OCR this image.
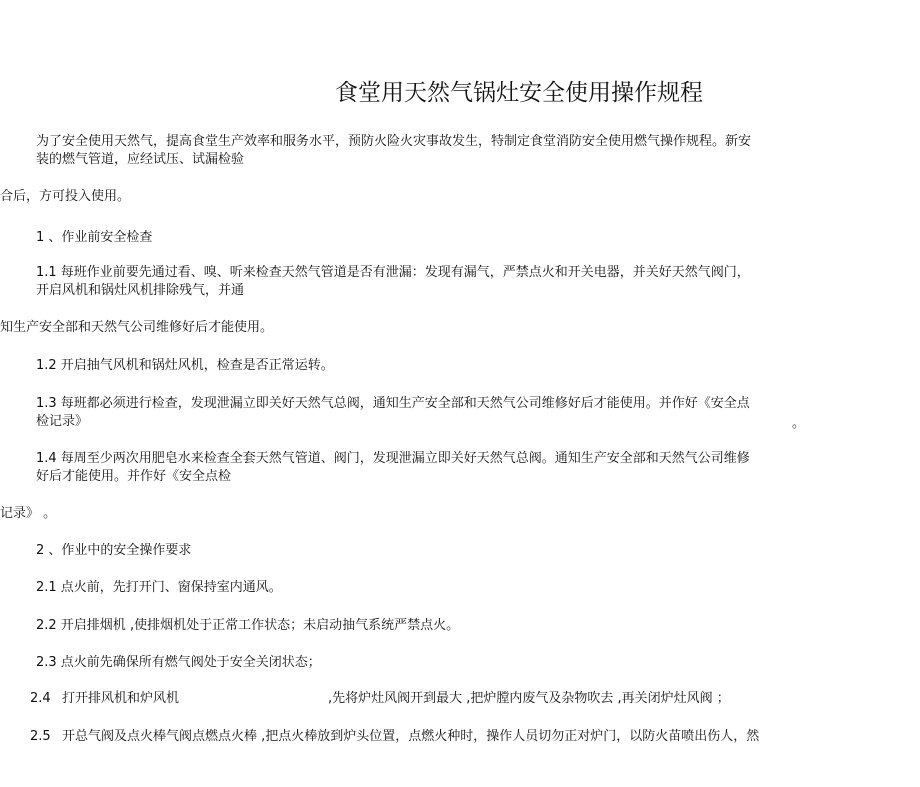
食堂用天然气锅灶安全使用操作规程
为了安全使用天然气，提高食堂生产效率和服务水平，预防火险火灾事故发生，特制定食堂消防安全使用燃气操作规程。新安
装的燃气管道，应经试压、试漏检验
合后，方可投入使用。
1 、作业前安全检查
1.1 每班作业前要先通过看、嗅、听来检查天然气管道是否有泄漏：发现有漏气，严禁点火和开关电器，并关好天然气阀门，
开启风机和锅灶风机排除残气，并通
知生产安全部和天然气公司维修好后才能使用。
1.2 开启抽气风机和锅灶风机，检查是否正常运转。
1.3 每班都必须进行检查，发现泄漏立即关好天然气总阀，通知生产安全部和天然气公司维修好后才能使用。并作好《安全点
检记录》	。
1.4 每周至少两次用肥皂水来检查全套天然气管道、阀门，发现泄漏立即关好天然气总阀。通知生产安全部和天然气公司维修
好后才能使用。并作好《安全点检
记录》 。
2 、作业中的安全操作要求
2.1 点火前，先打开门、窗保持室内通风。
2.2 开启排烟机 ,使排烟机处于正常工作状态；未启动抽气系统严禁点火。
2.3 点火前先确保所有燃气阀处于安全关闭状态；
2.4 打开排风机和炉风机	,先将炉灶风阀开到最大 ,把炉膛内废气及杂物吹去 ,再关闭炉灶风阀 ；
2.5 开总气阀及点火棒气阀点燃点火棒 ,把点火棒放到炉头位置，点燃火种时，操作人员切勿正对炉门，以防火苗喷出伤人，然
